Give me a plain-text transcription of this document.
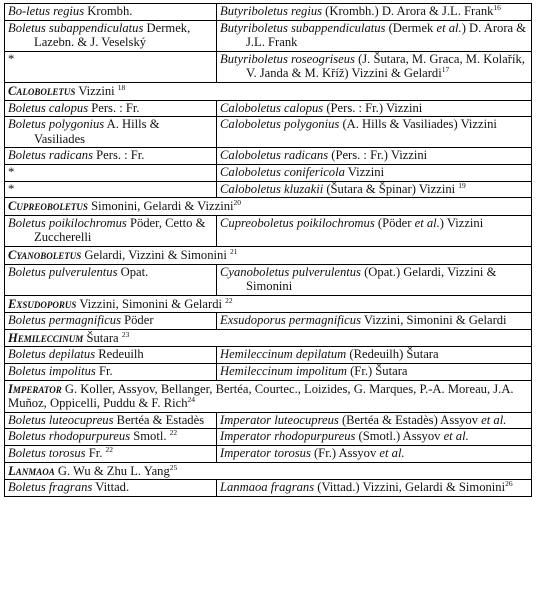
Bo-letus regius Krombh.	Butyriboletus regius (Krombh.) D. Arora & J.L. Frank$^{16}$
Boletus subappendiculatus Dermek, Lazebn. & J. Veselský	Butyriboletus subappendiculatus (Dermek et al.) D. Arora & J.L. Frank
*	Butyriboletus roseogriseus (J. Šutara, M. Graca, M. Kolařík, V. Janda & M. Kříž) Vizzini & Gelardi$^{17}$
Caloboletus Vizzini $^{18}$
Boletus calopus Pers. : Fr.	Caloboletus calopus (Pers. : Fr.) Vizzini
Boletus polygonius A. Hills & Vasiliades	Caloboletus polygonius (A. Hills & Vasiliades) Vizzini
Boletus radicans Pers. : Fr.	Caloboletus radicans (Pers. : Fr.) Vizzini
*	Caloboletus conifericola Vizzini
*	Caloboletus kluzakii (Šutara & Špinar) Vizzini $^{19}$
Cupreoboletus Simonini, Gelardi & Vizzini$^{20}$
Boletus poikilochromus Pöder, Cetto & Zuccherelli	Cupreoboletus poikilochromus (Pöder et al.) Vizzini
Cyanoboletus Gelardi, Vizzini & Simonini $^{21}$
Boletus pulverulentus Opat.	Cyanoboletus pulverulentus (Opat.) Gelardi, Vizzini & Simonini
Exsudoporus Vizzini, Simonini & Gelardi $^{22}$
Boletus permagnificus Pöder	Exsudoporus permagnificus Vizzini, Simonini & Gelardi
Hemileccinum Šutara $^{23}$
Boletus depilatus Redeuilh	Hemileccinum depilatum (Redeuilh) Šutara
Boletus impolitus Fr.	Hemileccinum impolitum (Fr.) Šutara
Imperator G. Koller, Assyov, Bellanger, Bertéa, Courtec., Loizides, G. Marques, P.-A. Moreau, J.A. Muñoz, Oppicelli, Puddu & F. Rich$^{24}$
Boletus luteocupreus Bertéa & Estadès	Imperator luteocupreus (Bertéa & Estadès) Assyov et al.
Boletus rhodopurpureus Smotl. $^{22}$	Imperator rhodopurpureus (Smotl.) Assyov et al.
Boletus torosus Fr. $^{22}$	Imperator torosus (Fr.) Assyov et al.
Lanmaoa G. Wu & Zhu L. Yang$^{25}$
Boletus fragrans Vittad.	Lanmaoa fragrans (Vittad.) Vizzini, Gelardi & Simonini$^{26}$
